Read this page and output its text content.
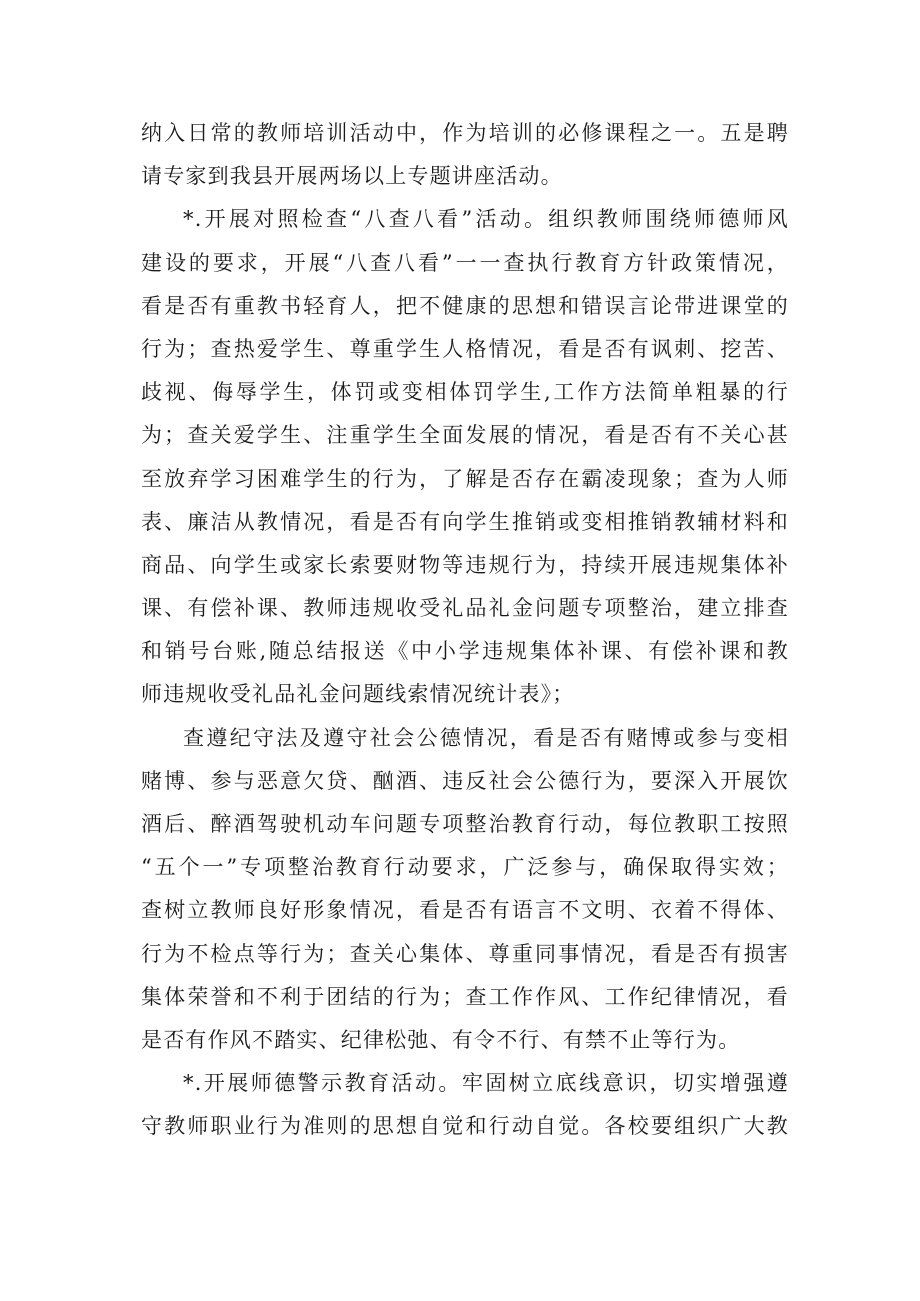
纳入日常的教师培训活动中，作为培训的必修课程之一。五是聘
请专家到我县开展两场以上专题讲座活动。
*.开展对照检查“八查八看”活动。组织教师围绕师德师风
建设的要求，开展“八查八看”一一查执行教育方针政策情况，
看是否有重教书轻育人，把不健康的思想和错误言论带进课堂的
行为；查热爱学生、尊重学生人格情况，看是否有讽刺、挖苦、
歧视、侮辱学生，体罚或变相体罚学生,工作方法简单粗暴的行
为；查关爱学生、注重学生全面发展的情况，看是否有不关心甚
至放弃学习困难学生的行为，了解是否存在霸凌现象；查为人师
表、廉洁从教情况，看是否有向学生推销或变相推销教辅材料和
商品、向学生或家长索要财物等违规行为，持续开展违规集体补
课、有偿补课、教师违规收受礼品礼金问题专项整治，建立排查
和销号台账,随总结报送《中小学违规集体补课、有偿补课和教
师违规收受礼品礼金问题线索情况统计表》；
查遵纪守法及遵守社会公德情况，看是否有赌博或参与变相
赌博、参与恶意欠贷、酗酒、违反社会公德行为，要深入开展饮
酒后、醉酒驾驶机动车问题专项整治教育行动，每位教职工按照
“五个一”专项整治教育行动要求，广泛参与，确保取得实效；
查树立教师良好形象情况，看是否有语言不文明、衣着不得体、
行为不检点等行为；查关心集体、尊重同事情况，看是否有损害
集体荣誉和不利于团结的行为；查工作作风、工作纪律情况，看
是否有作风不踏实、纪律松弛、有令不行、有禁不止等行为。
*.开展师德警示教育活动。牢固树立底线意识，切实增强遵
守教师职业行为准则的思想自觉和行动自觉。各校要组织广大教
